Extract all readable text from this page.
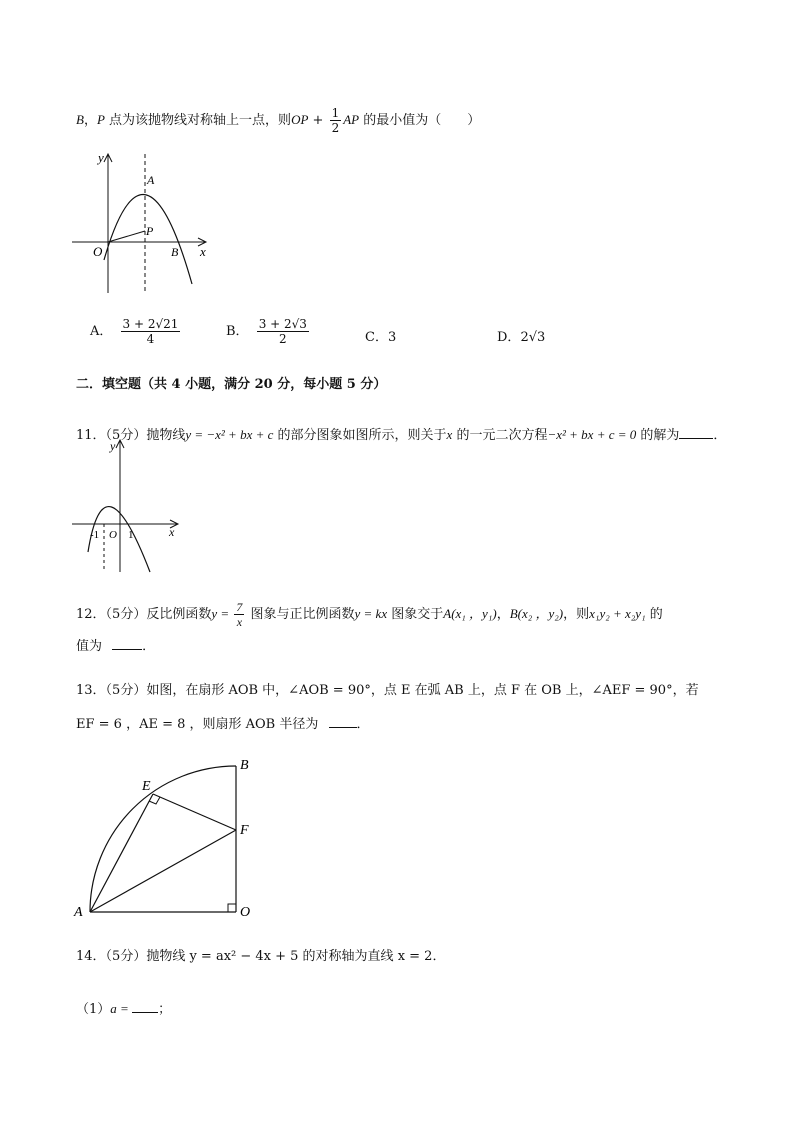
B，P 点为该抛物线对称轴上一点，则OP + $\frac{1}{2}$ AP 的最小值为（　　）
y
x
O
A
P
B
A． $\frac{3 + 2√21}{4}$	B． $\frac{3 + 2√3}{2}$	C．3	D．2√3
二．填空题（共 4 小题，满分 20 分，每小题 5 分）
11．（5分）抛物线y = −x² + bx + c 的部分图象如图所示，则关于x 的一元二次方程−x² + bx + c = 0 的解为	．
y
x
-1 O 1
12．（5分）反比例函数$y = \frac{7}{x}$ 图象与正比例函数y = kx 图象交于A(x₁ ，y₁)，B(x₂ ，y₂)，则x₁y₂ + x₂y₁ 的
值为	．
13．（5分）如图，在扇形 AOB 中，∠AOB = 90°，点 E 在弧 AB 上，点 F 在 OB 上，∠AEF = 90°，若
EF = 6 ，AE = 8 ，则扇形 AOB 半径为	．
B
E
F
A	O
14．（5分）抛物线 y = ax² − 4x + 5 的对称轴为直线 x = 2．
（1）a = ；
